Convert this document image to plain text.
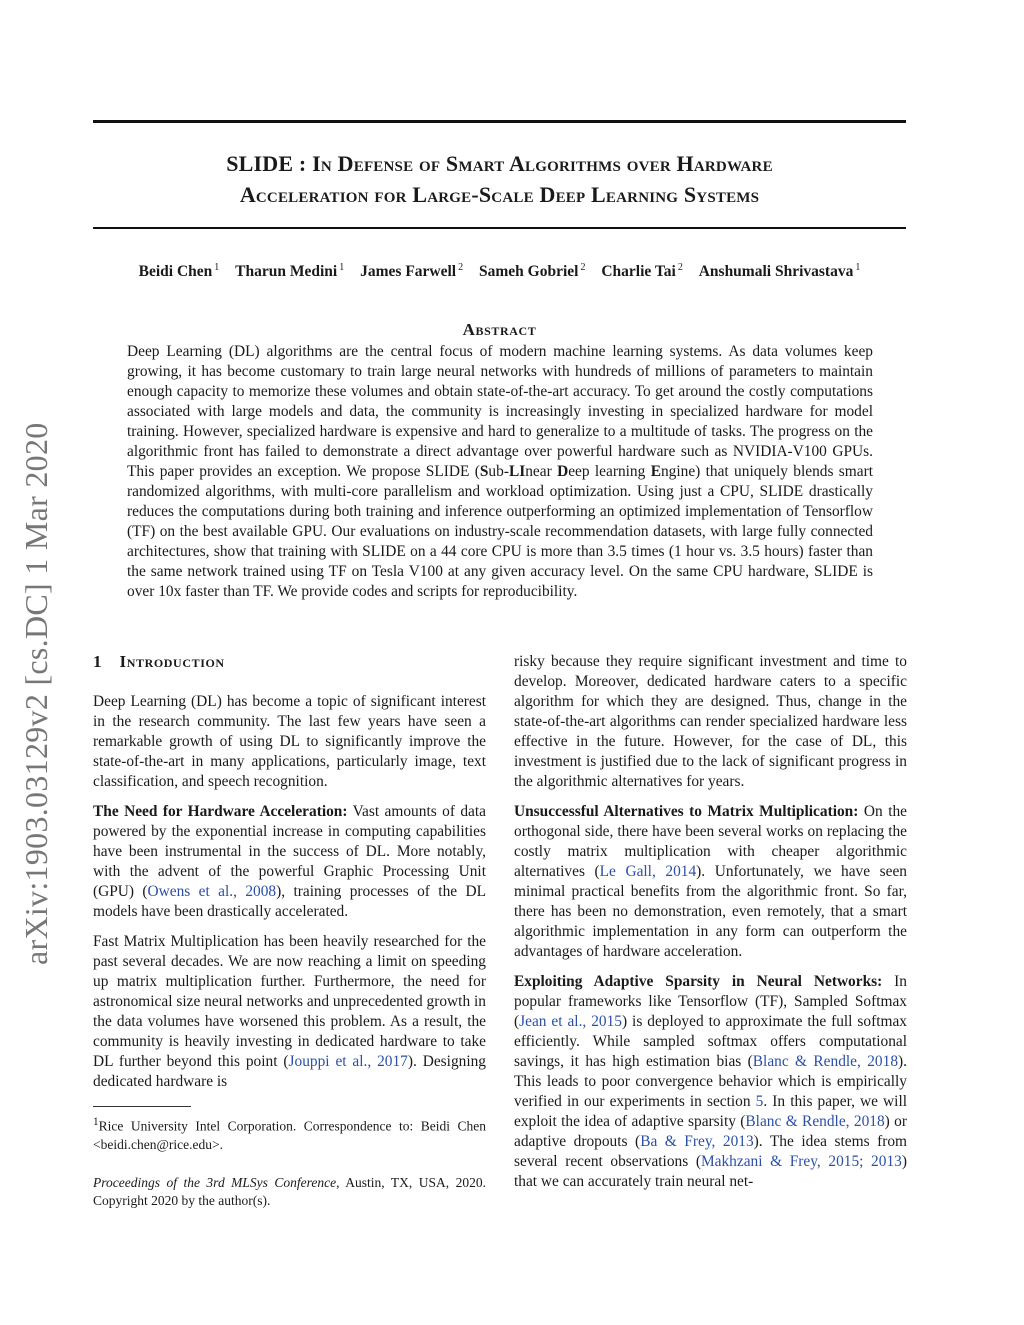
SLIDE : In Defense of Smart Algorithms over Hardware
Acceleration for Large-Scale Deep Learning Systems
Beidi Chen $^1$ Tharun Medini $^1$ James Farwell $^2$ Sameh Gobriel $^2$ Charlie Tai $^2$ Anshumali Shrivastava $^1$
Abstract
Deep Learning (DL) algorithms are the central focus of modern machine learning systems. As data volumes keep growing, it has become customary to train large neural networks with hundreds of millions of parameters to maintain enough capacity to memorize these volumes and obtain state-of-the-art accuracy. To get around the costly computations associated with large models and data, the community is increasingly investing in specialized hardware for model training. However, specialized hardware is expensive and hard to generalize to a multitude of tasks. The progress on the algorithmic front has failed to demonstrate a direct advantage over powerful hardware such as NVIDIA-V100 GPUs. This paper provides an exception. We propose SLIDE (Sub-LInear Deep learning Engine) that uniquely blends smart randomized algorithms, with multi-core parallelism and workload optimization. Using just a CPU, SLIDE drastically reduces the computations during both training and inference outperforming an optimized implementation of Tensorflow (TF) on the best available GPU. Our evaluations on industry-scale recommendation datasets, with large fully connected architectures, show that training with SLIDE on a 44 core CPU is more than 3.5 times (1 hour vs. 3.5 hours) faster than the same network trained using TF on Tesla V100 at any given accuracy level. On the same CPU hardware, SLIDE is over 10x faster than TF. We provide codes and scripts for reproducibility.
arXiv:1903.03129v2 [cs.DC] 1 Mar 2020 1 Introduction

Deep Learning (DL) has become a topic of significant interest in the research community. The last few years have seen a remarkable growth of using DL to significantly improve the state-of-the-art in many applications, particularly image, text classification, and speech recognition.

The Need for Hardware Acceleration: Vast amounts of data powered by the exponential increase in computing capabilities have been instrumental in the success of DL. More notably, with the advent of the powerful Graphic Processing Unit (GPU) (Owens et al., 2008), training processes of the DL models have been drastically accelerated.

Fast Matrix Multiplication has been heavily researched for the past several decades. We are now reaching a limit on speeding up matrix multiplication further. Furthermore, the need for astronomical size neural networks and unprecedented growth in the data volumes have worsened this problem. As a result, the community is heavily investing in dedicated hardware to take DL further beyond this point (Jouppi et al., 2017). Designing dedicated hardware is

$^1$Rice University Intel Corporation. Correspondence to: Beidi Chen <beidi.chen@rice.edu>.
Proceedings of the 3rd MLSys Conference, Austin, TX, USA, 2020. Copyright 2020 by the author(s).

risky because they require significant investment and time to develop. Moreover, dedicated hardware caters to a specific algorithm for which they are designed. Thus, change in the state-of-the-art algorithms can render specialized hardware less effective in the future. However, for the case of DL, this investment is justified due to the lack of significant progress in the algorithmic alternatives for years.

Unsuccessful Alternatives to Matrix Multiplication: On the orthogonal side, there have been several works on replacing the costly matrix multiplication with cheaper algorithmic alternatives (Le Gall, 2014). Unfortunately, we have seen minimal practical benefits from the algorithmic front. So far, there has been no demonstration, even remotely, that a smart algorithmic implementation in any form can outperform the advantages of hardware acceleration.

Exploiting Adaptive Sparsity in Neural Networks: In popular frameworks like Tensorflow (TF), Sampled Softmax (Jean et al., 2015) is deployed to approximate the full softmax efficiently. While sampled softmax offers computational savings, it has high estimation bias (Blanc & Rendle, 2018). This leads to poor convergence behavior which is empirically verified in our experiments in section 5. In this paper, we will exploit the idea of adaptive sparsity (Blanc & Rendle, 2018) or adaptive dropouts (Ba & Frey, 2013). The idea stems from several recent observations (Makhzani & Frey, 2015; 2013) that we can accurately train neural net-
